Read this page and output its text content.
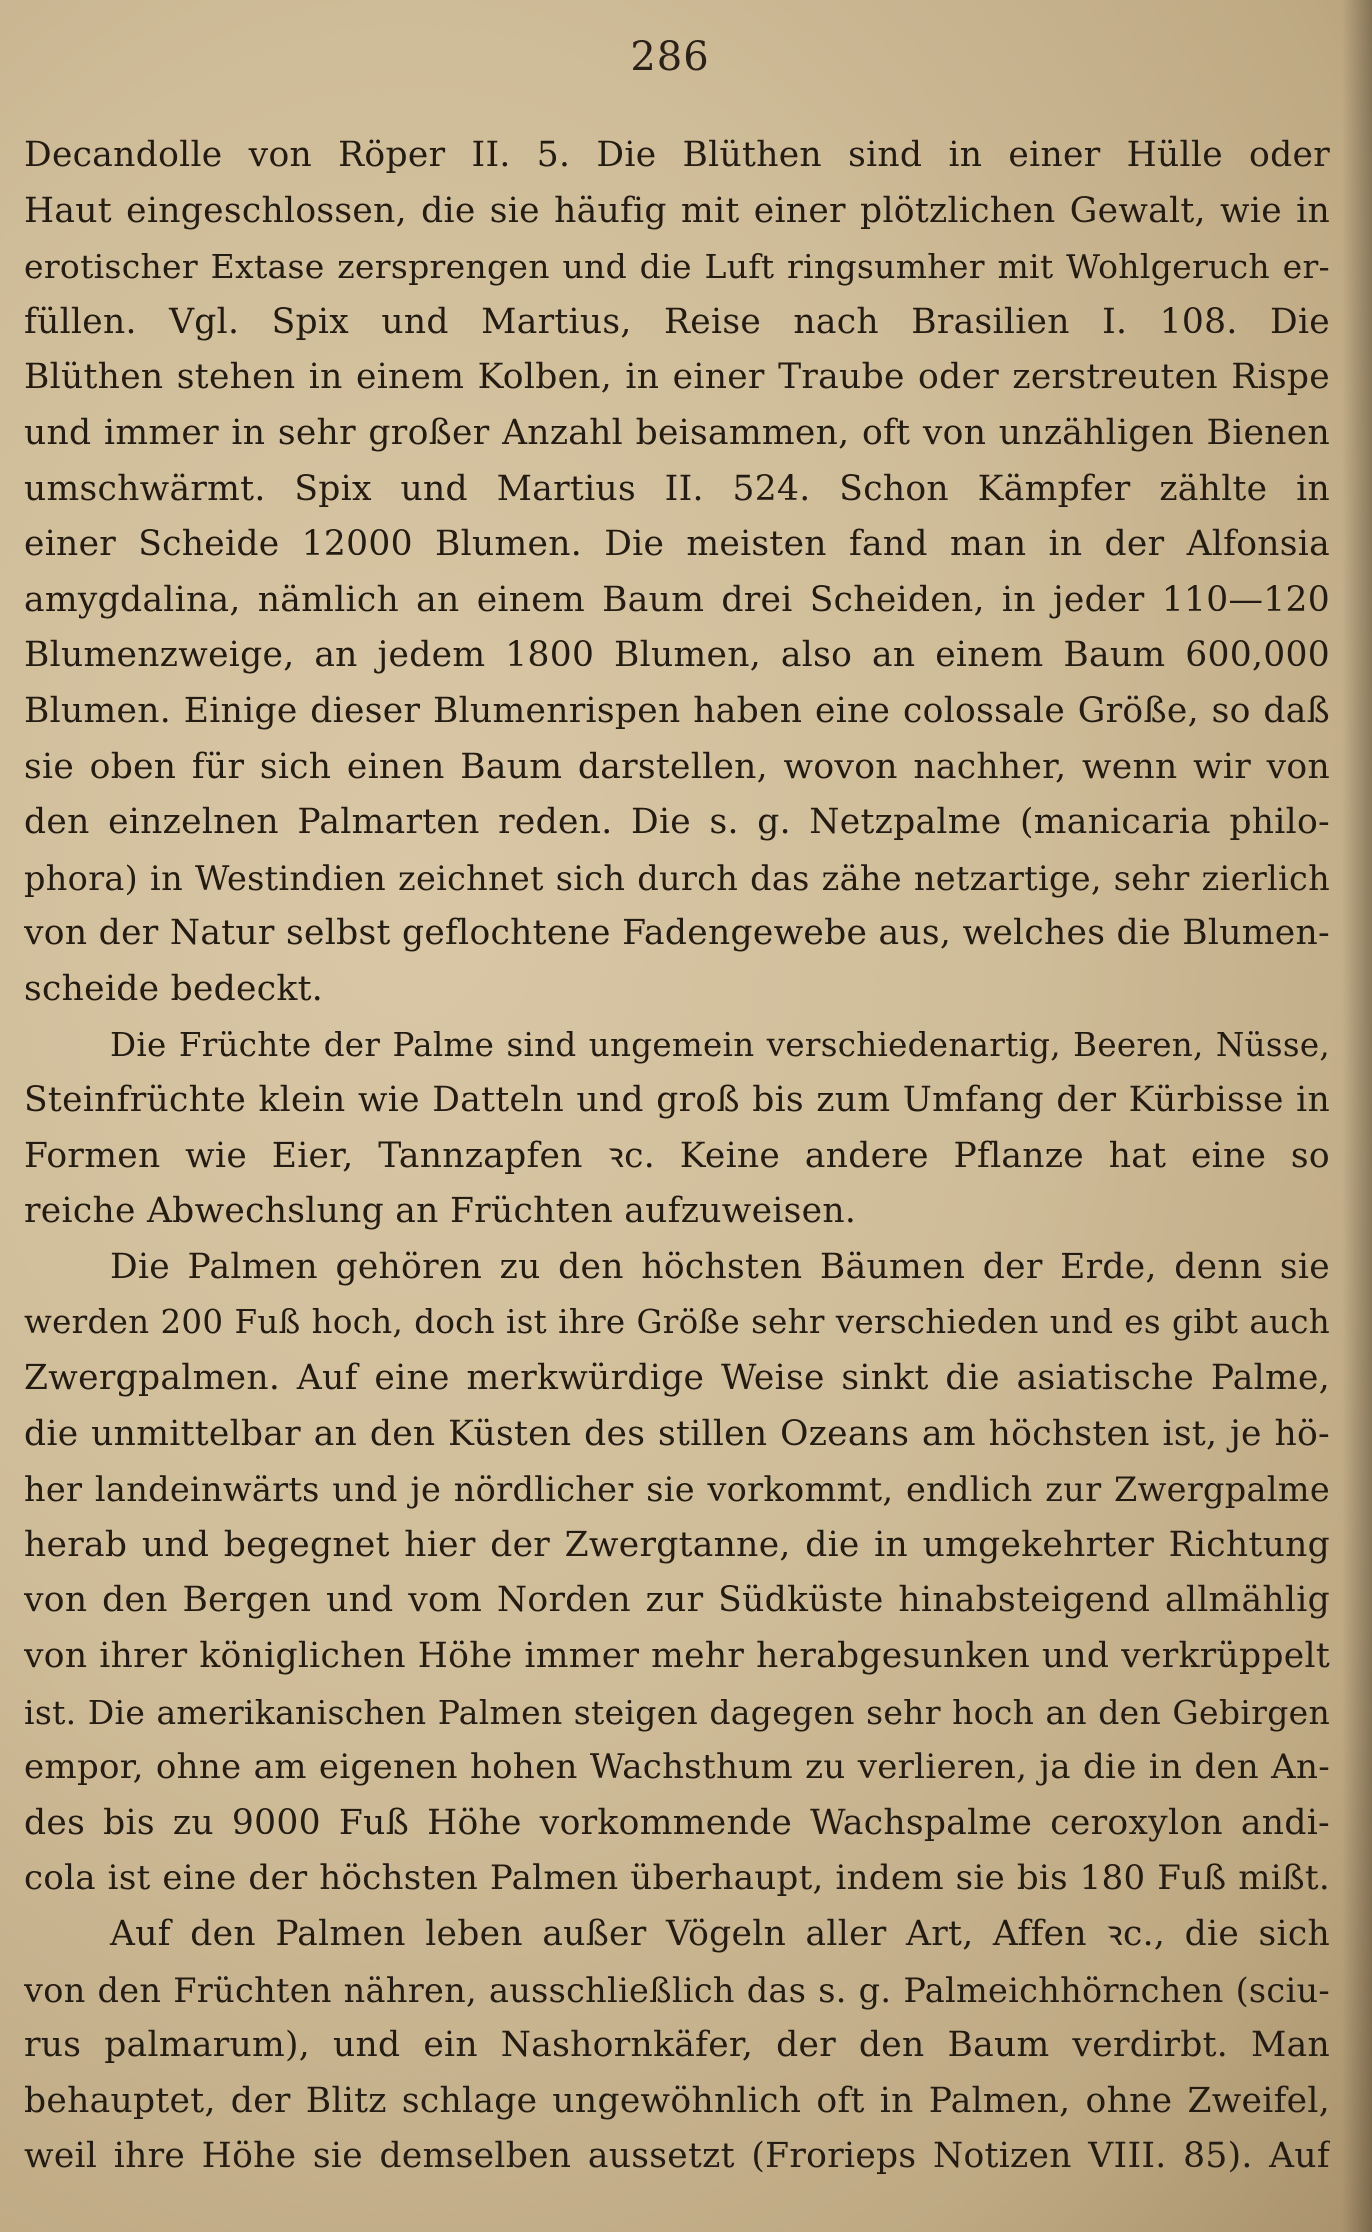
286
Decandolle von Röper II. 5. Die Blüthen sind in einer Hülle oder
Haut eingeschlossen, die sie häufig mit einer plötzlichen Gewalt, wie in
erotischer Extase zersprengen und die Luft ringsumher mit Wohlgeruch er-
füllen. Vgl. Spix und Martius, Reise nach Brasilien I. 108. Die
Blüthen stehen in einem Kolben, in einer Traube oder zerstreuten Rispe
und immer in sehr großer Anzahl beisammen, oft von unzähligen Bienen
umschwärmt. Spix und Martius II. 524. Schon Kämpfer zählte in
einer Scheide 12000 Blumen. Die meisten fand man in der Alfonsia
amygdalina, nämlich an einem Baum drei Scheiden, in jeder 110—120
Blumenzweige, an jedem 1800 Blumen, also an einem Baum 600,000
Blumen. Einige dieser Blumenrispen haben eine colossale Größe, so daß
sie oben für sich einen Baum darstellen, wovon nachher, wenn wir von
den einzelnen Palmarten reden. Die s. g. Netzpalme (manicaria philo-
phora) in Westindien zeichnet sich durch das zähe netzartige, sehr zierlich
von der Natur selbst geflochtene Fadengewebe aus, welches die Blumen-
scheide bedeckt.
Die Früchte der Palme sind ungemein verschiedenartig, Beeren, Nüsse,
Steinfrüchte klein wie Datteln und groß bis zum Umfang der Kürbisse in
Formen wie Eier, Tannzapfen ꝛc. Keine andere Pflanze hat eine so
reiche Abwechslung an Früchten aufzuweisen.
Die Palmen gehören zu den höchsten Bäumen der Erde, denn sie
werden 200 Fuß hoch, doch ist ihre Größe sehr verschieden und es gibt auch
Zwergpalmen. Auf eine merkwürdige Weise sinkt die asiatische Palme,
die unmittelbar an den Küsten des stillen Ozeans am höchsten ist, je hö-
her landeinwärts und je nördlicher sie vorkommt, endlich zur Zwergpalme
herab und begegnet hier der Zwergtanne, die in umgekehrter Richtung
von den Bergen und vom Norden zur Südküste hinabsteigend allmählig
von ihrer königlichen Höhe immer mehr herabgesunken und verkrüppelt
ist. Die amerikanischen Palmen steigen dagegen sehr hoch an den Gebirgen
empor, ohne am eigenen hohen Wachsthum zu verlieren, ja die in den An-
des bis zu 9000 Fuß Höhe vorkommende Wachspalme ceroxylon andi-
cola ist eine der höchsten Palmen überhaupt, indem sie bis 180 Fuß mißt.
Auf den Palmen leben außer Vögeln aller Art, Affen ꝛc., die sich
von den Früchten nähren, ausschließlich das s. g. Palmeichhörnchen (sciu-
rus palmarum), und ein Nashornkäfer, der den Baum verdirbt. Man
behauptet, der Blitz schlage ungewöhnlich oft in Palmen, ohne Zweifel,
weil ihre Höhe sie demselben aussetzt (Frorieps Notizen VIII. 85). Auf
